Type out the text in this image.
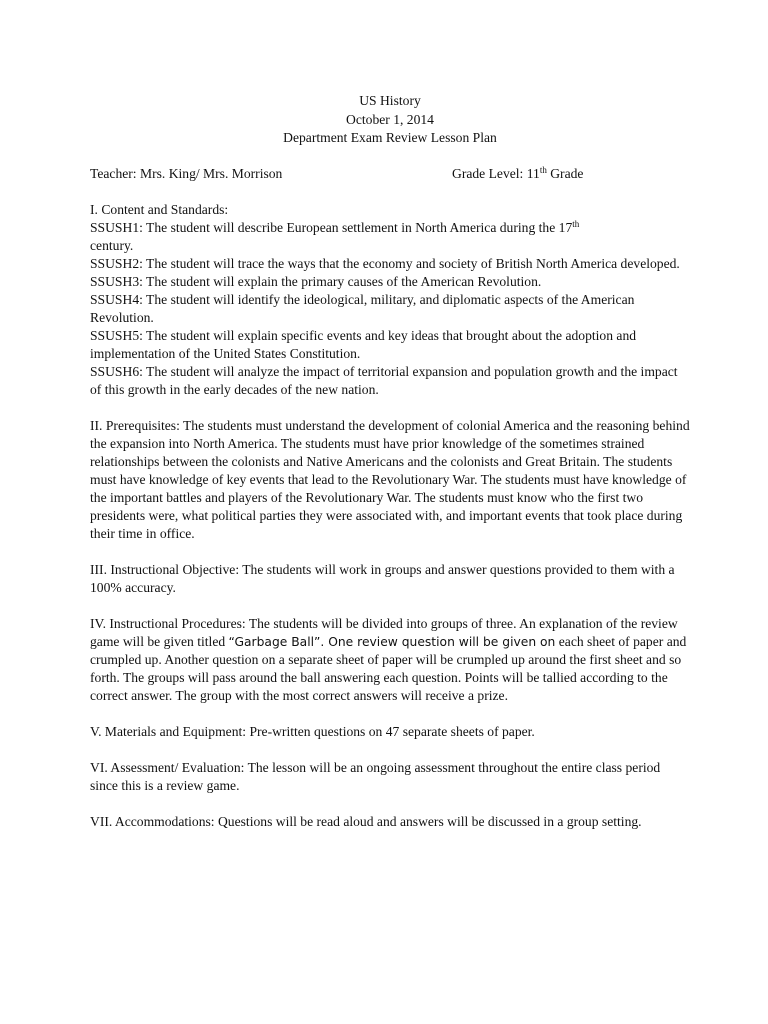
US History
October 1, 2014
Department Exam Review Lesson Plan
Teacher: Mrs. King/ Mrs. Morrison	Grade Level: 11th Grade

I. Content and Standards:

SSUSH1: The student will describe European settlement in North America during the 17th
century.

SSUSH2: The student will trace the ways that the economy and society of British North America developed.

SSUSH3: The student will explain the primary causes of the American Revolution.

SSUSH4: The student will identify the ideological, military, and diplomatic aspects of the American Revolution.

SSUSH5: The student will explain specific events and key ideas that brought about the adoption and implementation of the United States Constitution.

SSUSH6: The student will analyze the impact of territorial expansion and population growth and the impact of this growth in the early decades of the new nation.

II. Prerequisites: The students must understand the development of colonial America and the reasoning behind the expansion into North America. The students must have prior knowledge of the sometimes strained relationships between the colonists and Native Americans and the colonists and Great Britain. The students must have knowledge of key events that lead to the Revolutionary War. The students must have knowledge of the important battles and players of the Revolutionary War. The students must know who the first two presidents were, what political parties they were associated with, and important events that took place during their time in office.

III. Instructional Objective: The students will work in groups and answer questions provided to them with a 100% accuracy.

IV. Instructional Procedures: The students will be divided into groups of three. An explanation of the review game will be given titled “Garbage Ball”. One review question will be given on each sheet of paper and crumpled up. Another question on a separate sheet of paper will be crumpled up around the first sheet and so forth. The groups will pass around the ball answering each question. Points will be tallied according to the correct answer. The group with the most correct answers will receive a prize.

V. Materials and Equipment: Pre-written questions on 47 separate sheets of paper.

VI. Assessment/ Evaluation: The lesson will be an ongoing assessment throughout the entire class period since this is a review game.

VII. Accommodations: Questions will be read aloud and answers will be discussed in a group setting.
